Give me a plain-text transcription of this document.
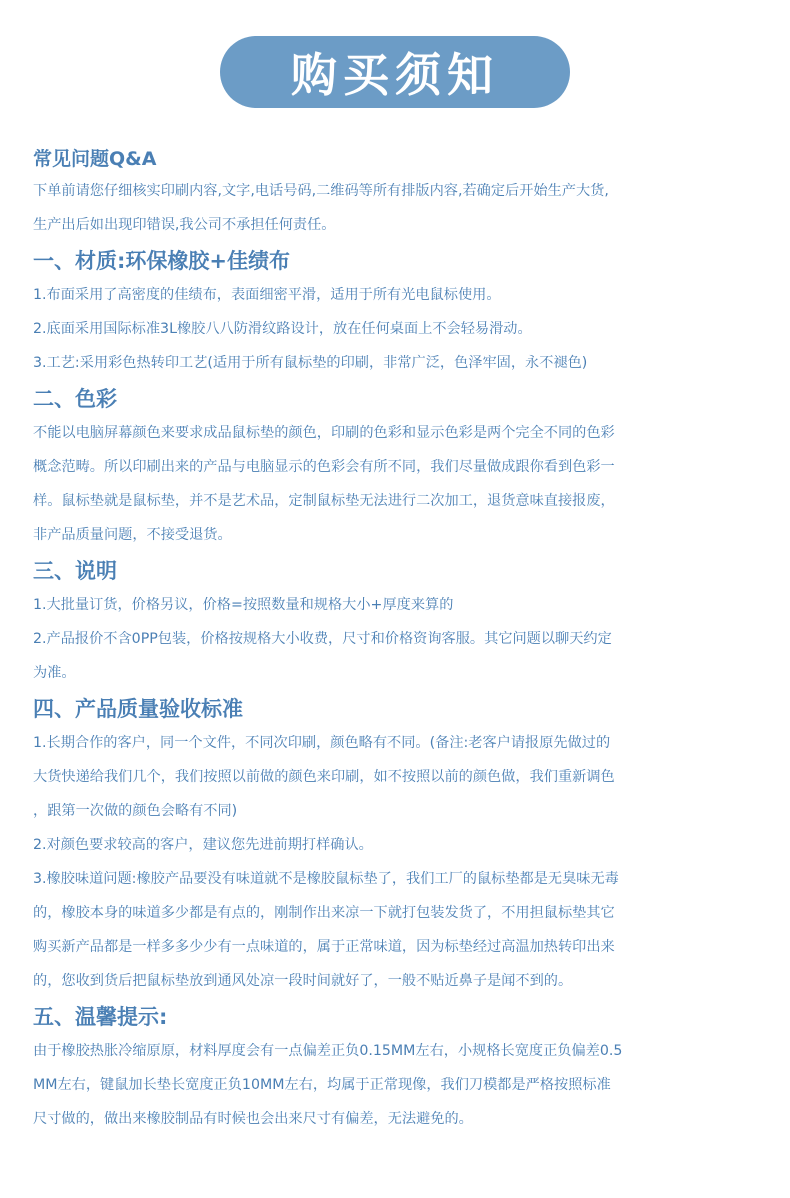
购买须知
常见问题Q&A
下单前请您仔细核实印刷内容,文字,电话号码,二维码等所有排版内容,若确定后开始生产大货,
生产出后如出现印错误,我公司不承担任何责任。
一、材质:环保橡胶+佳绩布
1.布面采用了高密度的佳绩布，表面细密平滑，适用于所有光电鼠标使用。
2.底面采用国际标准3L橡胶八八防滑纹路设计，放在任何桌面上不会轻易滑动。
3.工艺:采用彩色热转印工艺(适用于所有鼠标垫的印刷，非常广泛，色泽牢固，永不褪色)
二、色彩
不能以电脑屏幕颜色来要求成品鼠标垫的颜色，印刷的色彩和显示色彩是两个完全不同的色彩
概念范畴。所以印刷出来的产品与电脑显示的色彩会有所不同，我们尽量做成跟你看到色彩一
样。鼠标垫就是鼠标垫，并不是艺术品，定制鼠标垫无法进行二次加工，退货意味直接报废，
非产品质量问题，不接受退货。
三、说明
1.大批量订货，价格另议，价格=按照数量和规格大小+厚度来算的
2.产品报价不含0PP包装，价格按规格大小收费，尺寸和价格资询客服。其它问题以聊天约定
为准。
四、产品质量验收标准
1.长期合作的客户，同一个文件，不同次印刷，颜色略有不同。(备注:老客户请报原先做过的
大货快递给我们几个，我们按照以前做的颜色来印刷，如不按照以前的颜色做，我们重新调色
，跟第一次做的颜色会略有不同)
2.对颜色要求较高的客户，建议您先进前期打样确认。
3.橡胶味道问题:橡胶产品要没有味道就不是橡胶鼠标垫了，我们工厂的鼠标垫都是无臭味无毒
的，橡胶本身的味道多少都是有点的，刚制作出来凉一下就打包装发货了，不用担鼠标垫其它
购买新产品都是一样多多少少有一点味道的，属于正常味道，因为标垫经过高温加热转印出来
的，您收到货后把鼠标垫放到通风处凉一段时间就好了，一般不贴近鼻子是闻不到的。
五、温馨提示:
由于橡胶热胀冷缩原原，材料厚度会有一点偏差正负0.15MM左右，小规格长宽度正负偏差0.5
MM左右，键鼠加长垫长宽度正负10MM左右，均属于正常现像，我们刀模都是严格按照标准
尺寸做的，做出来橡胶制品有时候也会出来尺寸有偏差，无法避免的。
